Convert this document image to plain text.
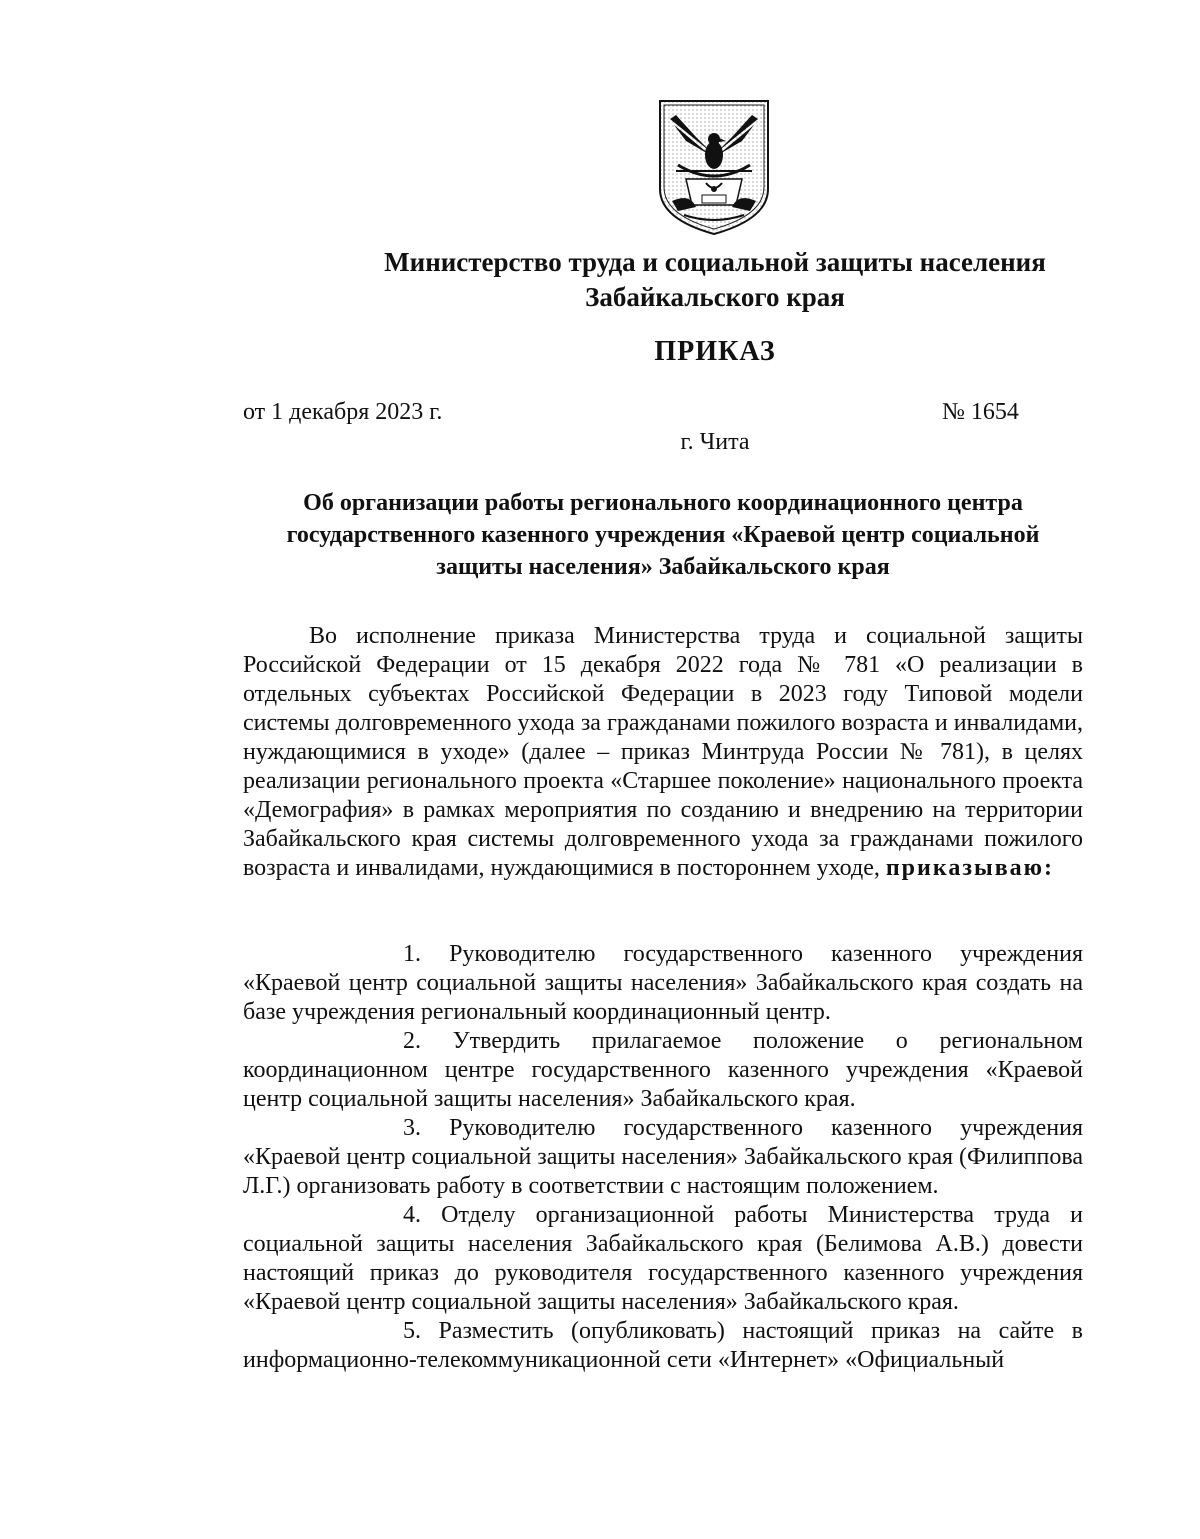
Министерство труда и социальной защиты населения
Забайкальского края
ПРИКАЗ
от 1 декабря 2023 г.	№ 1654
г. Чита
Об организации работы регионального координационного центра
государственного казенного учреждения «Краевой центр социальной
защиты населения» Забайкальского края
Во исполнение приказа Министерства труда и социальной защиты Российской Федерации от 15 декабря 2022 года № 781 «О реализации в отдельных субъектах Российской Федерации в 2023 году Типовой модели системы долговременного ухода за гражданами пожилого возраста и инвалидами, нуждающимися в уходе» (далее – приказ Минтруда России № 781), в целях реализации регионального проекта «Старшее поколение» национального проекта «Демография» в рамках мероприятия по созданию и внедрению на территории Забайкальского края системы долговременного ухода за гражданами пожилого возраста и инвалидами, нуждающимися в постороннем уходе, приказываю:

1. Руководителю государственного казенного учреждения «Краевой центр социальной защиты населения» Забайкальского края создать на базе учреждения региональный координационный центр.

2. Утвердить прилагаемое положение о региональном координационном центре государственного казенного учреждения «Краевой центр социальной защиты населения» Забайкальского края.

3. Руководителю государственного казенного учреждения «Краевой центр социальной защиты населения» Забайкальского края (Филиппова Л.Г.) организовать работу в соответствии с настоящим положением.

4. Отделу организационной работы Министерства труда и социальной защиты населения Забайкальского края (Белимова А.В.) довести настоящий приказ до руководителя государственного казенного учреждения «Краевой центр социальной защиты населения» Забайкальского края.

5. Разместить (опубликовать) настоящий приказ на сайте в информационно-телекоммуникационной сети «Интернет» «Официальный
